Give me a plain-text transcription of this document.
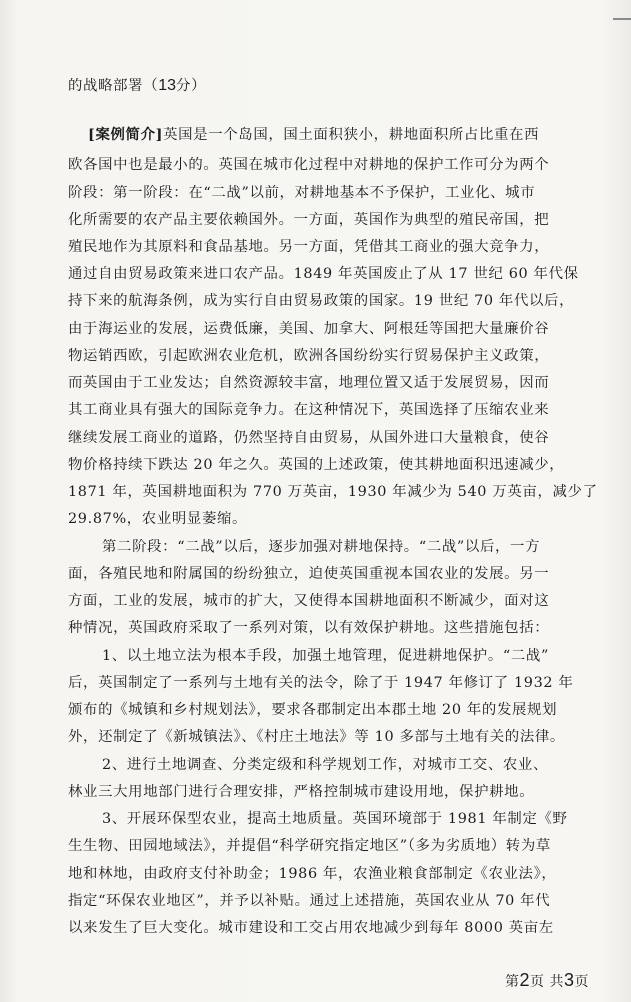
的战略部署（13分）
[案例简介]英国是一个岛国，国土面积狭小，耕地面积所占比重在西
欧各国中也是最小的。英国在城市化过程中对耕地的保护工作可分为两个
阶段：第一阶段：在“二战”以前，对耕地基本不予保护，工业化、城市
化所需要的农产品主要依赖国外。一方面，英国作为典型的殖民帝国，把
殖民地作为其原料和食品基地。另一方面，凭借其工商业的强大竞争力，
通过自由贸易政策来进口农产品。1849 年英国废止了从 17 世纪 60 年代保
持下来的航海条例，成为实行自由贸易政策的国家。19 世纪 70 年代以后，
由于海运业的发展，运费低廉，美国、加拿大、阿根廷等国把大量廉价谷
物运销西欧，引起欧洲农业危机，欧洲各国纷纷实行贸易保护主义政策，
而英国由于工业发达；自然资源较丰富，地理位置又适于发展贸易，因而
其工商业具有强大的国际竞争力。在这种情况下，英国选择了压缩农业来
继续发展工商业的道路，仍然坚持自由贸易，从国外进口大量粮食，使谷
物价格持续下跌达 20 年之久。英国的上述政策，使其耕地面积迅速减少，
1871 年，英国耕地面积为 770 万英亩，1930 年减少为 540 万英亩，减少了
29.87%，农业明显萎缩。
第二阶段：“二战”以后，逐步加强对耕地保持。“二战”以后，一方
面，各殖民地和附属国的纷纷独立，迫使英国重视本国农业的发展。另一
方面，工业的发展，城市的扩大，又使得本国耕地面积不断减少，面对这
种情况，英国政府采取了一系列对策，以有效保护耕地。这些措施包括：
1、以土地立法为根本手段，加强土地管理，促进耕地保护。“二战”
后，英国制定了一系列与土地有关的法令，除了于 1947 年修订了 1932 年
颁布的《城镇和乡村规划法》，要求各郡制定出本郡土地 20 年的发展规划
外，还制定了《新城镇法》、《村庄土地法》等 10 多部与土地有关的法律。
2、进行土地调查、分类定级和科学规划工作，对城市工交、农业、
林业三大用地部门进行合理安排，严格控制城市建设用地，保护耕地。
3、开展环保型农业，提高土地质量。英国环境部于 1981 年制定《野
生生物、田园地域法》，并提倡“科学研究指定地区”（多为劣质地）转为草
地和林地，由政府支付补助金；1986 年，农渔业粮食部制定《农业法》，
指定“环保农业地区”，并予以补贴。通过上述措施，英国农业从 70 年代
以来发生了巨大变化。城市建设和工交占用农地减少到每年 8000 英亩左
第2页 共3页
